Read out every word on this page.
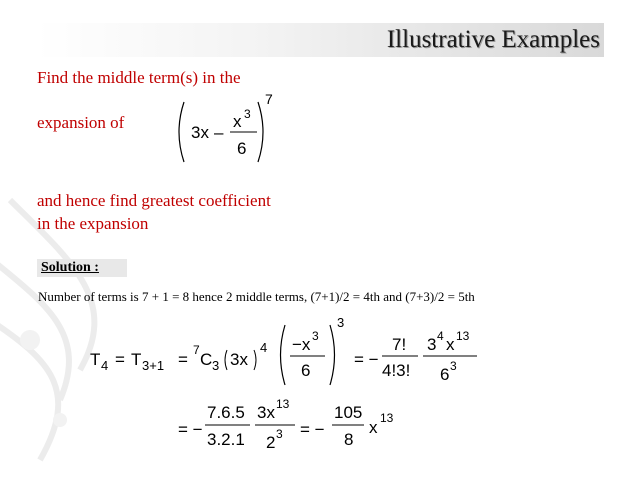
Illustrative Examples
Find the middle term(s) in the
expansion of
and hence find greatest coefficient
in the expansion
Solution :
Number of terms is 7 + 1 = 8 hence 2 middle terms, (7+1)/2 = 4th and (7+3)/2 = 5th
3x –
x 3
6
7
T 4 = T 3+1 = 7 C 3 3x
4 −x 3
6
3
= −
7!
4!3!
3 4 x 13
6 3
= −
7.6.5
3.2.1
3x 13
2 3 = −
105
8
x 13
